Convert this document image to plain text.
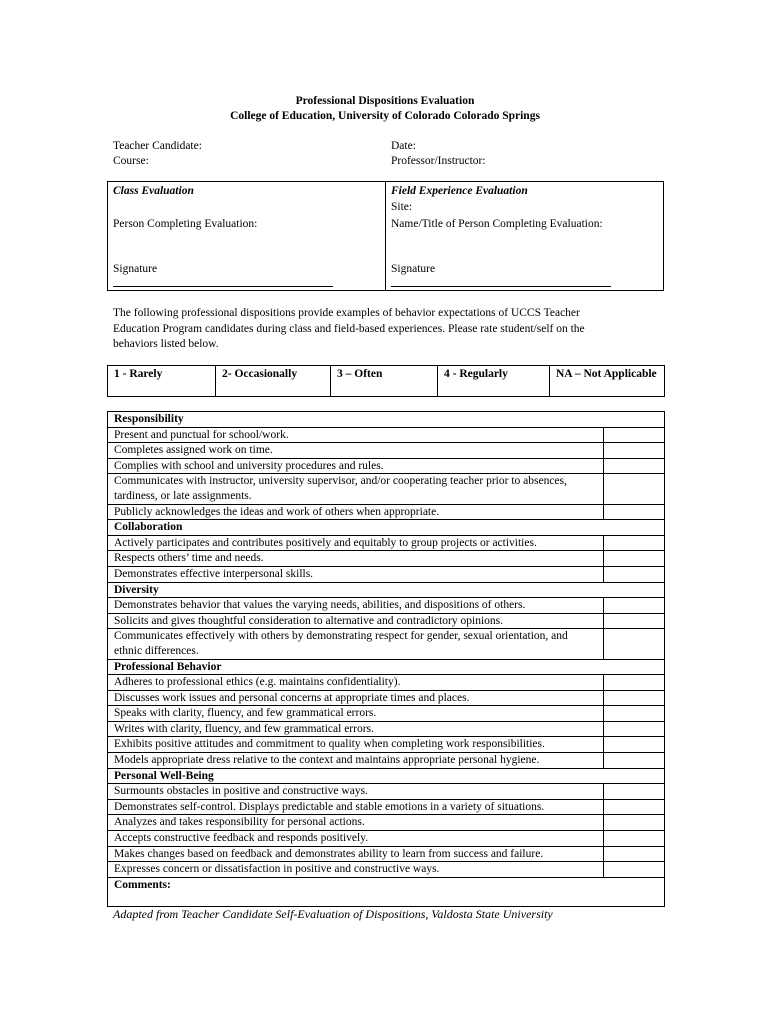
Professional Dispositions Evaluation
College of Education, University of Colorado Colorado Springs
Teacher Candidate:
Course:
Date:
Professor/Instructor:
Class Evaluation
Person Completing Evaluation:
Signature
Field Experience Evaluation
Site:
Name/Title of Person Completing Evaluation:
Signature
The following professional dispositions provide examples of behavior expectations of UCCS Teacher
Education Program candidates during class and field-based experiences. Please rate student/self on the
behaviors listed below.
1 - Rarely	2- Occasionally	3 – Often	4 - Regularly	NA – Not Applicable
Responsibility	
Present and punctual for school/work.	
Completes assigned work on time.	
Complies with school and university procedures and rules.	
Communicates with instructor, university supervisor, and/or cooperating teacher prior to absences, tardiness, or late assignments.	
Publicly acknowledges the ideas and work of others when appropriate.	
Collaboration	
Actively participates and contributes positively and equitably to group projects or activities.	
Respects others’ time and needs.	
Demonstrates effective interpersonal skills.	
Diversity	
Demonstrates behavior that values the varying needs, abilities, and dispositions of others.	
Solicits and gives thoughtful consideration to alternative and contradictory opinions.	
Communicates effectively with others by demonstrating respect for gender, sexual orientation, and ethnic differences.	
Professional Behavior	
Adheres to professional ethics (e.g. maintains confidentiality).	
Discusses work issues and personal concerns at appropriate times and places.	
Speaks with clarity, fluency, and few grammatical errors.	
Writes with clarity, fluency, and few grammatical errors.	
Exhibits positive attitudes and commitment to quality when completing work responsibilities.	
Models appropriate dress relative to the context and maintains appropriate personal hygiene.	
Personal Well-Being	
Surmounts obstacles in positive and constructive ways.	
Demonstrates self-control. Displays predictable and stable emotions in a variety of situations.	
Analyzes and takes responsibility for personal actions.	
Accepts constructive feedback and responds positively.	
Makes changes based on feedback and demonstrates ability to learn from success and failure.	
Expresses concern or dissatisfaction in positive and constructive ways.	
Comments:	
Adapted from Teacher Candidate Self-Evaluation of Dispositions, Valdosta State University
